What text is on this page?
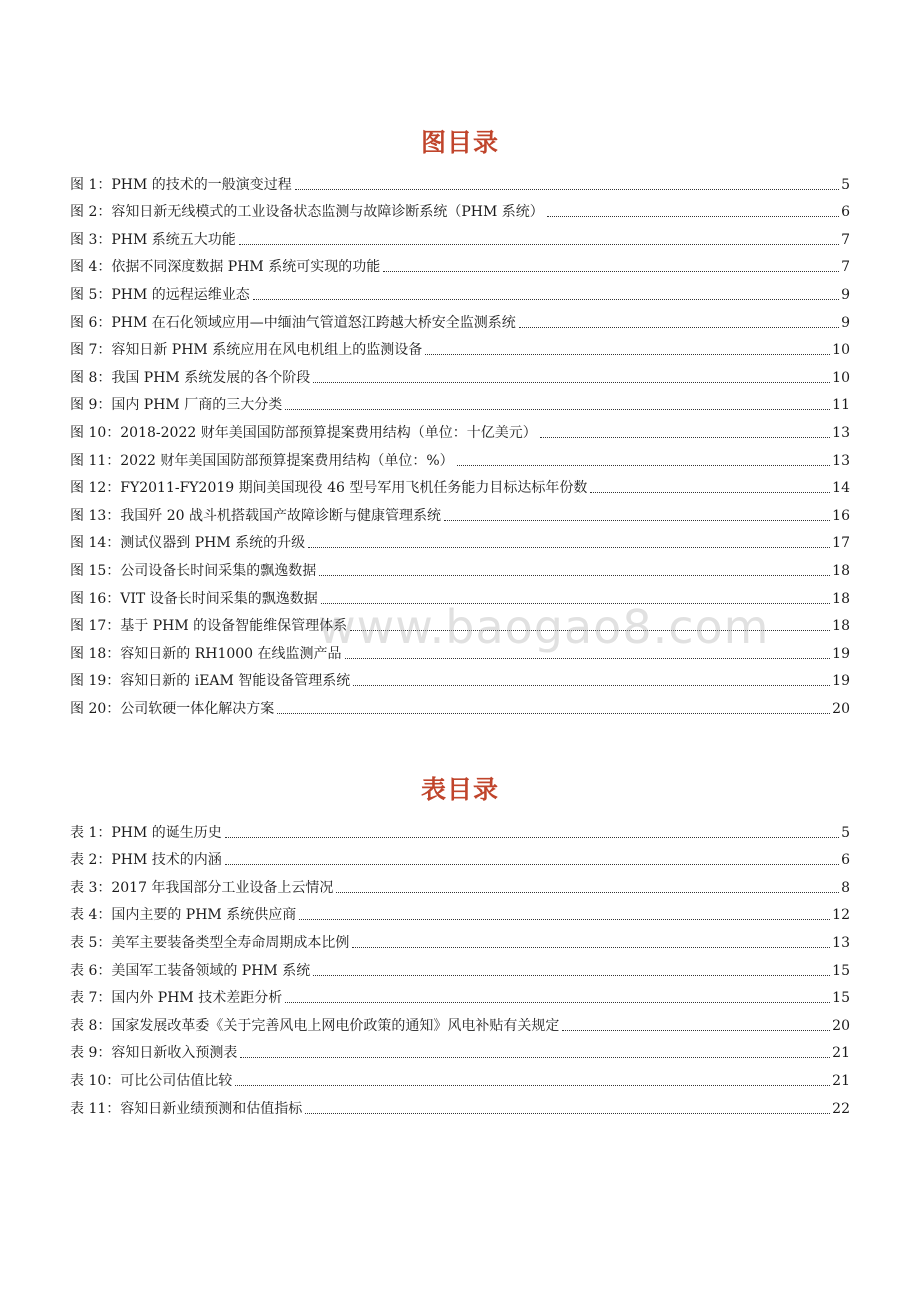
图目录
图 1：PHM 的技术的一般演变过程	5
图 2：容知日新无线模式的工业设备状态监测与故障诊断系统（PHM 系统）	6
图 3：PHM 系统五大功能	7
图 4：依据不同深度数据 PHM 系统可实现的功能	7
图 5：PHM 的远程运维业态	9
图 6：PHM 在石化领域应用—中缅油气管道怒江跨越大桥安全监测系统	9
图 7：容知日新 PHM 系统应用在风电机组上的监测设备	10
图 8：我国 PHM 系统发展的各个阶段	10
图 9：国内 PHM 厂商的三大分类	11
图 10：2018-2022 财年美国国防部预算提案费用结构（单位：十亿美元）	13
图 11：2022 财年美国国防部预算提案费用结构（单位：%）	13
图 12：FY2011-FY2019 期间美国现役 46 型号军用飞机任务能力目标达标年份数	14
图 13：我国歼 20 战斗机搭载国产故障诊断与健康管理系统	16
图 14：测试仪器到 PHM 系统的升级	17
图 15：公司设备长时间采集的飘逸数据	18
图 16：VIT 设备长时间采集的飘逸数据	18
图 17：基于 PHM 的设备智能维保管理体系	18
图 18：容知日新的 RH1000 在线监测产品	19
图 19：容知日新的 iEAM 智能设备管理系统	19
图 20：公司软硬一体化解决方案	20
表目录
表 1：PHM 的诞生历史	5
表 2：PHM 技术的内涵	6
表 3：2017 年我国部分工业设备上云情况	8
表 4：国内主要的 PHM 系统供应商	12
表 5：美军主要装备类型全寿命周期成本比例	13
表 6：美国军工装备领域的 PHM 系统	15
表 7：国内外 PHM 技术差距分析	15
表 8：国家发展改革委《关于完善风电上网电价政策的通知》风电补贴有关规定	20
表 9：容知日新收入预测表	21
表 10：可比公司估值比较	21
表 11：容知日新业绩预测和估值指标	22
www.baogao8.com
